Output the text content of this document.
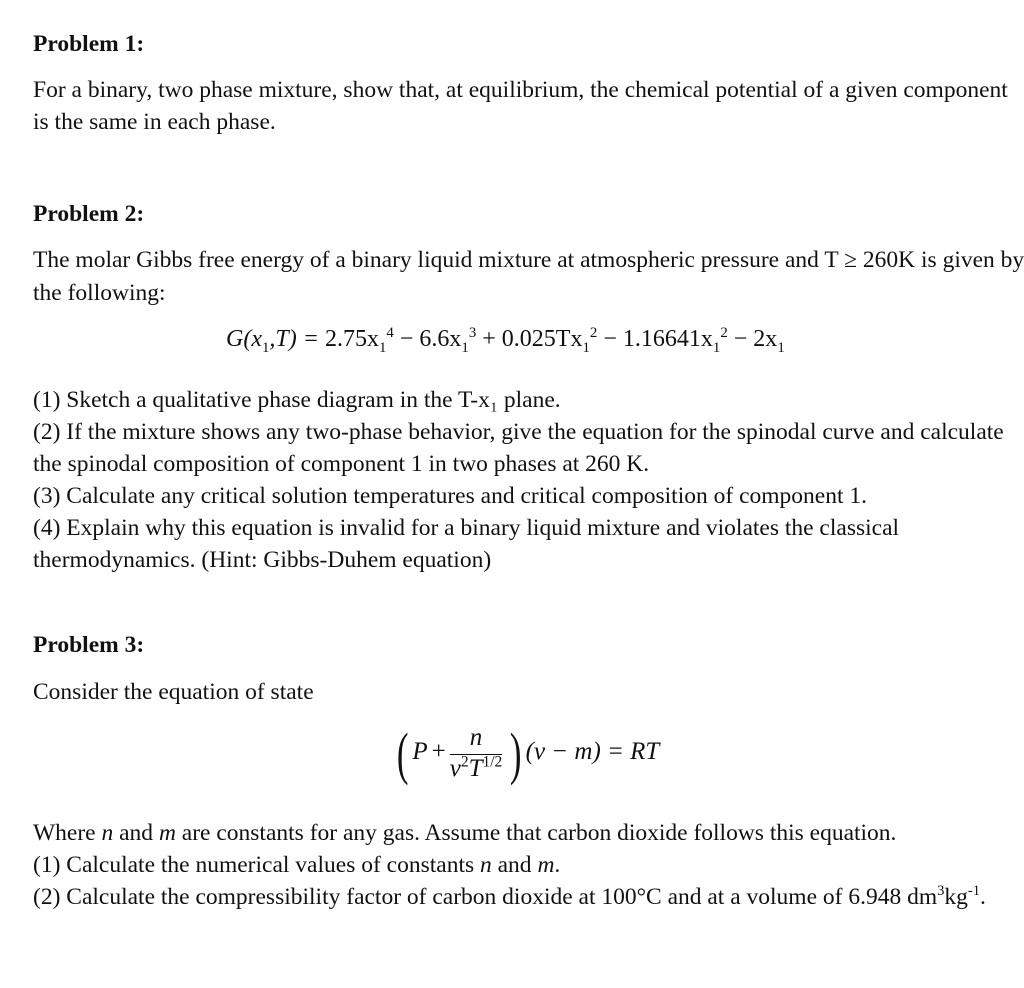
Problem 1:
For a binary, two phase mixture, show that, at equilibrium, the chemical potential of a given component is the same in each phase.
Problem 2:
The molar Gibbs free energy of a binary liquid mixture at atmospheric pressure and T ≥ 260K is given by the following:
$G(x_1,T) = 2.75x_1^4 - 6.6x_1^3 + 0.025Tx_1^2 - 1.16641x_1^2 - 2x_1$
(1) Sketch a qualitative phase diagram in the T-x₁ plane.
(2) If the mixture shows any two-phase behavior, give the equation for the spinodal curve and calculate the spinodal composition of component 1 in two phases at 260 K.
(3) Calculate any critical solution temperatures and critical composition of component 1.
(4) Explain why this equation is invalid for a binary liquid mixture and violates the classical thermodynamics. (Hint: Gibbs-Duhem equation)
Problem 3:
Consider the equation of state
( $P + \frac{n}{v^2T^{1/2}}$ ) (v − m) = RT
Where n and m are constants for any gas. Assume that carbon dioxide follows this equation.
(1) Calculate the numerical values of constants n and m.
(2) Calculate the compressibility factor of carbon dioxide at 100°C and at a volume of 6.948 $dm^3kg^{-1}$.
